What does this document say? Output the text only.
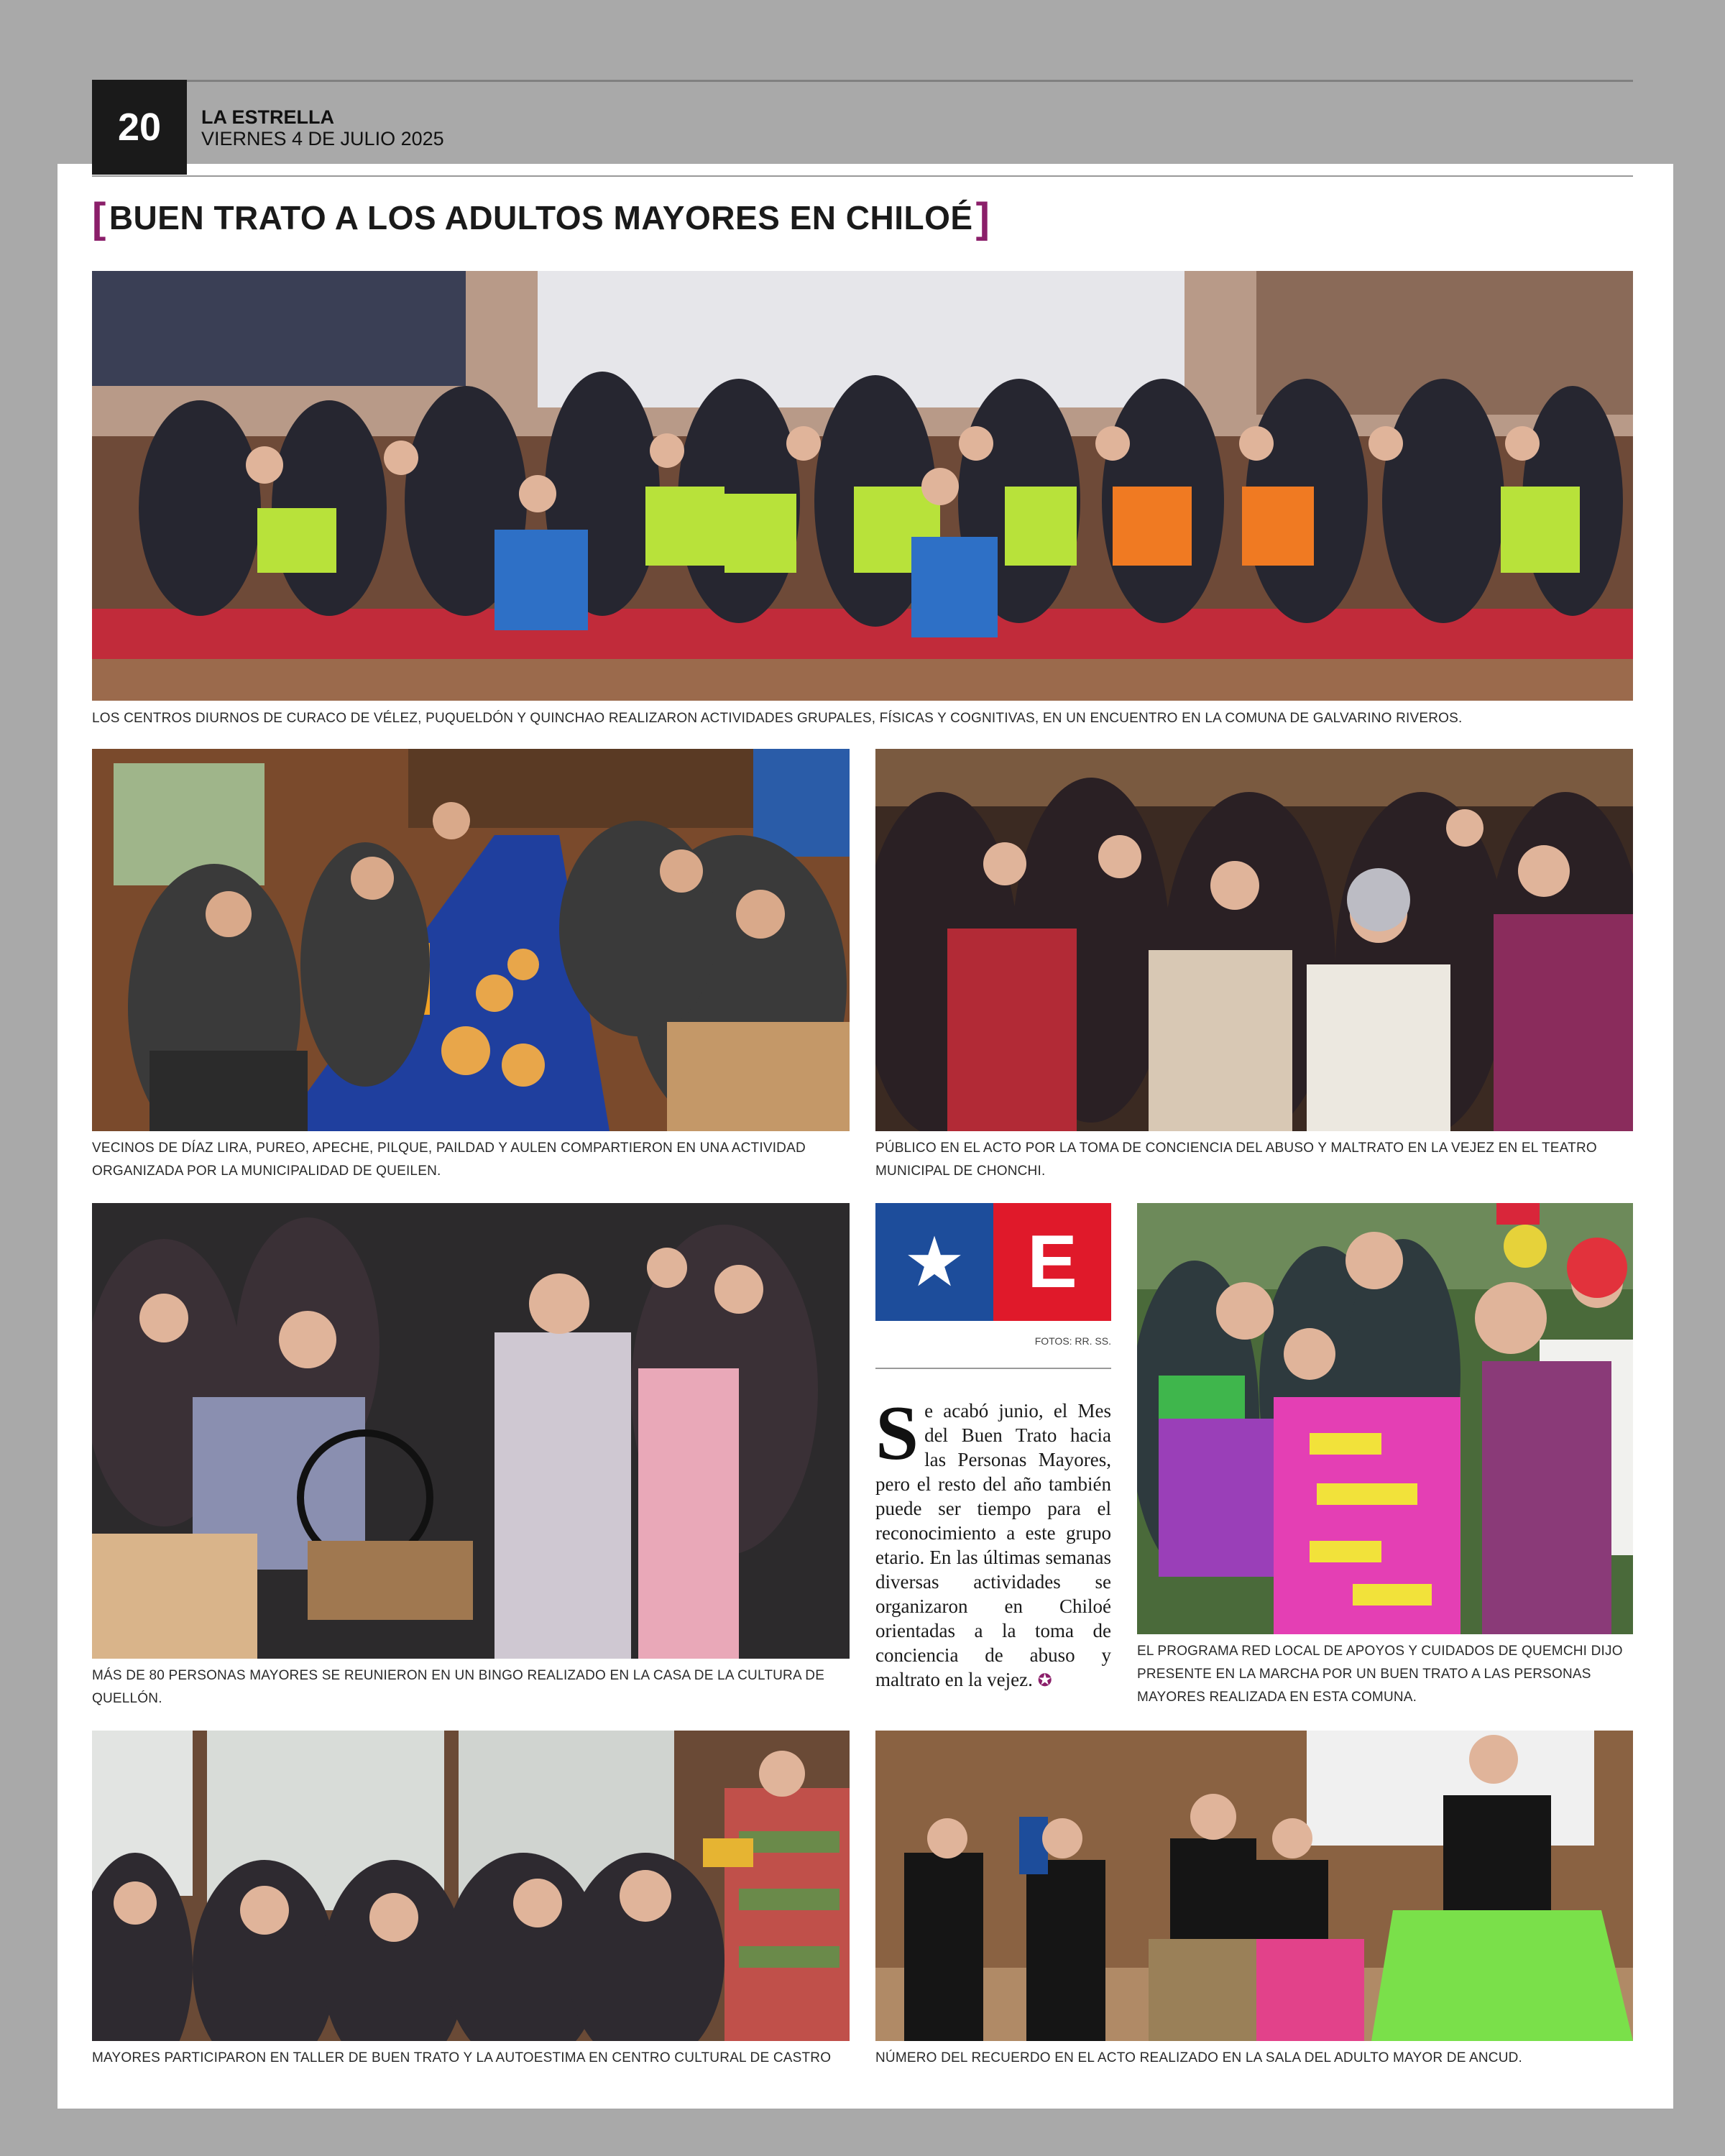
20	LA ESTRELLA
VIERNES 4 DE JULIO 2025
[ BUEN TRATO A LOS ADULTOS MAYORES EN CHILOÉ ]
LOS CENTROS DIURNOS DE CURACO DE VÉLEZ, PUQUELDÓN Y QUINCHAO REALIZARON ACTIVIDADES GRUPALES, FÍSICAS Y COGNITIVAS, EN UN ENCUENTRO EN LA COMUNA DE GALVARINO RIVEROS.
VECINOS DE DÍAZ LIRA, PUREO, APECHE, PILQUE, PAILDAD Y AULEN COMPARTIERON EN UNA ACTIVIDAD ORGANIZADA POR LA MUNICIPALIDAD DE QUEILEN.
PÚBLICO EN EL ACTO POR LA TOMA DE CONCIENCIA DEL ABUSO Y MALTRATO EN LA VEJEZ EN EL TEATRO MUNICIPAL DE CHONCHI.
MÁS DE 80 PERSONAS MAYORES SE REUNIERON EN UN BINGO REALIZADO EN LA CASA DE LA CULTURA DE QUELLÓN.
★ E
FOTOS: RR. SS.
Se acabó junio, el Mes del Buen Trato hacia las Personas Mayores, pero el resto del año también puede ser tiempo para el reconocimiento a este grupo etario. En las últimas semanas diversas actividades se organizaron en Chiloé orientadas a la toma de conciencia de abuso y maltrato en la vejez. ✪
EL PROGRAMA RED LOCAL DE APOYOS Y CUIDADOS DE QUEMCHI DIJO PRESENTE EN LA MARCHA POR UN BUEN TRATO A LAS PERSONAS MAYORES REALIZADA EN ESTA COMUNA.
MAYORES PARTICIPARON EN TALLER DE BUEN TRATO Y LA AUTOESTIMA EN CENTRO CULTURAL DE CASTRO	NÚMERO DEL RECUERDO EN EL ACTO REALIZADO EN LA SALA DEL ADULTO MAYOR DE ANCUD.
